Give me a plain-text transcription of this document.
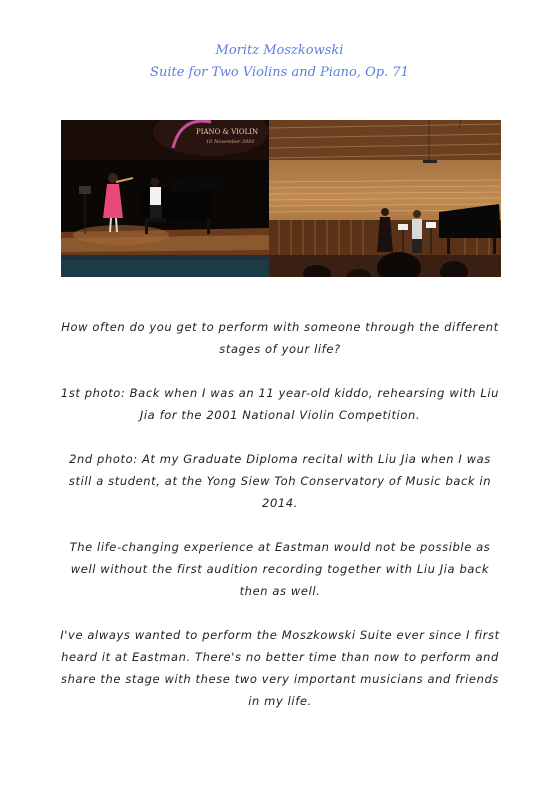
Moritz Moszkowski
Suite for Two Violins and Piano, Op. 71
PIANO & VIOLIN
10 November 2001

How often do you get to perform with someone through the different stages of your life?

1st photo: Back when I was an 11 year-old kiddo, rehearsing with Liu Jia for the 2001 National Violin Competition.

2nd photo: At my Graduate Diploma recital with Liu Jia when I was still a student, at the Yong Siew Toh Conservatory of Music back in 2014.

The life-changing experience at Eastman would not be possible as well without the first audition recording together with Liu Jia back then as well.

I've always wanted to perform the Moszkowski Suite ever since I first heard it at Eastman. There's no better time than now to perform and share the stage with these two very important musicians and friends in my life.
